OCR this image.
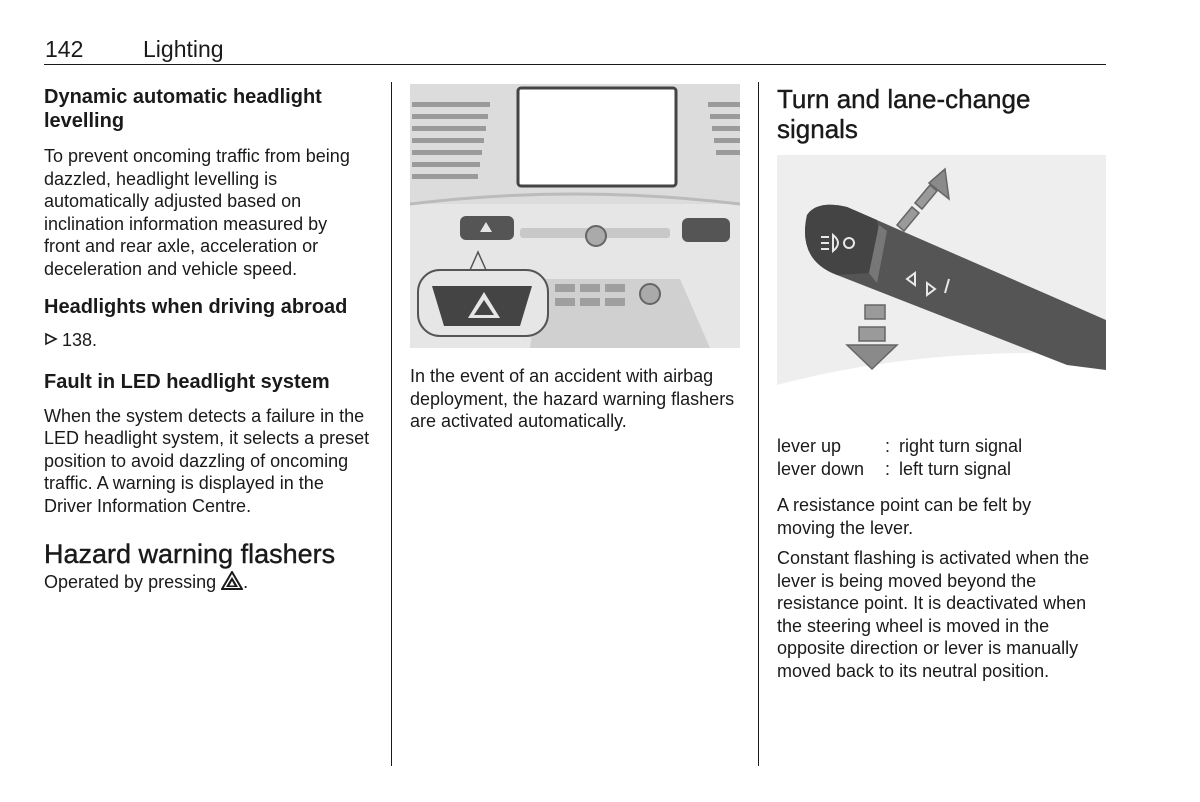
142	Lighting

Dynamic automatic headlight levelling

To prevent oncoming traffic from being dazzled, headlight levelling is automatically adjusted based on inclination information measured by front and rear axle, acceleration or deceleration and vehicle speed.

Headlights when driving abroad

138.

Fault in LED headlight system

When the system detects a failure in the LED headlight system, it selects a preset position to avoid dazzling of oncoming traffic. A warning is displayed in the Driver Information Centre.

Hazard warning flashers

Operated by pressing .

In the event of an accident with airbag deployment, the hazard warning flashers are activated automatically.

Turn and lane-change signals

lever up	:	right turn signal
lever down	:	left turn signal

A resistance point can be felt by moving the lever.

Constant flashing is activated when the lever is being moved beyond the resistance point. It is deactivated when the steering wheel is moved in the opposite direction or lever is manually moved back to its neutral position.
